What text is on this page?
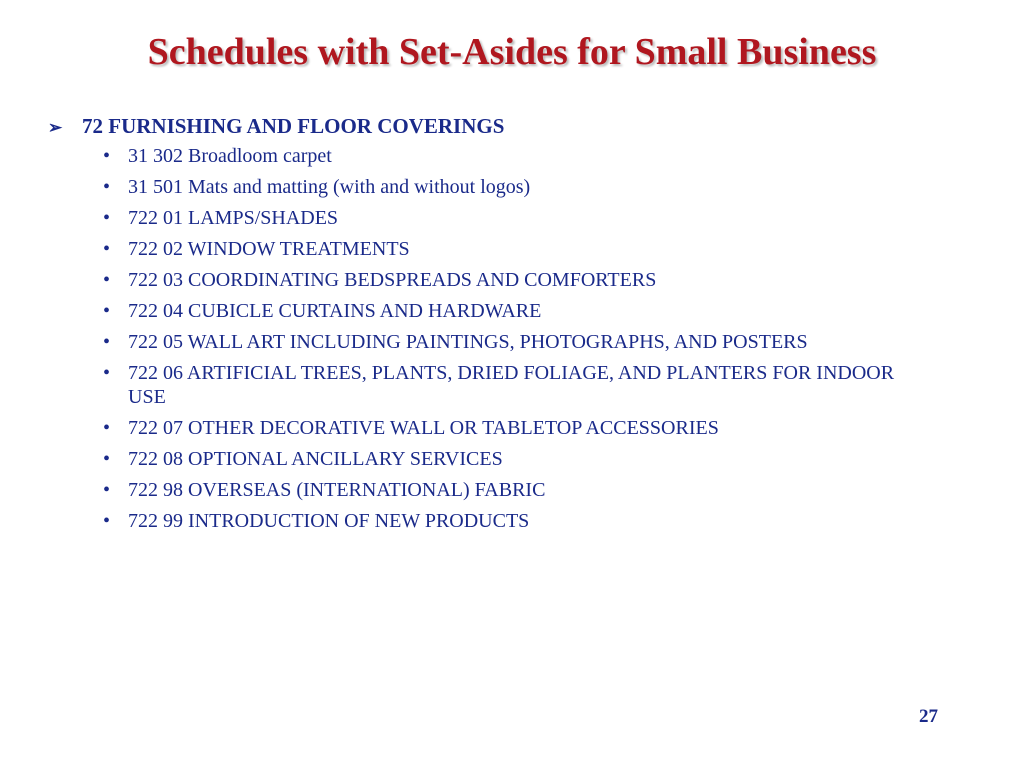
Schedules with Set-Asides for Small Business
➢ 72 FURNISHING AND FLOOR COVERINGS
• 31 302 Broadloom carpet
• 31 501 Mats and matting (with and without logos)
• 722 01 LAMPS/SHADES
• 722 02 WINDOW TREATMENTS
• 722 03 COORDINATING BEDSPREADS AND COMFORTERS
• 722 04 CUBICLE CURTAINS AND HARDWARE
• 722 05 WALL ART INCLUDING PAINTINGS, PHOTOGRAPHS, AND POSTERS
• 722 06 ARTIFICIAL TREES, PLANTS, DRIED FOLIAGE, AND PLANTERS FOR INDOOR USE
• 722 07 OTHER DECORATIVE WALL OR TABLETOP ACCESSORIES
• 722 08 OPTIONAL ANCILLARY SERVICES
• 722 98 OVERSEAS (INTERNATIONAL) FABRIC
• 722 99 INTRODUCTION OF NEW PRODUCTS
27
